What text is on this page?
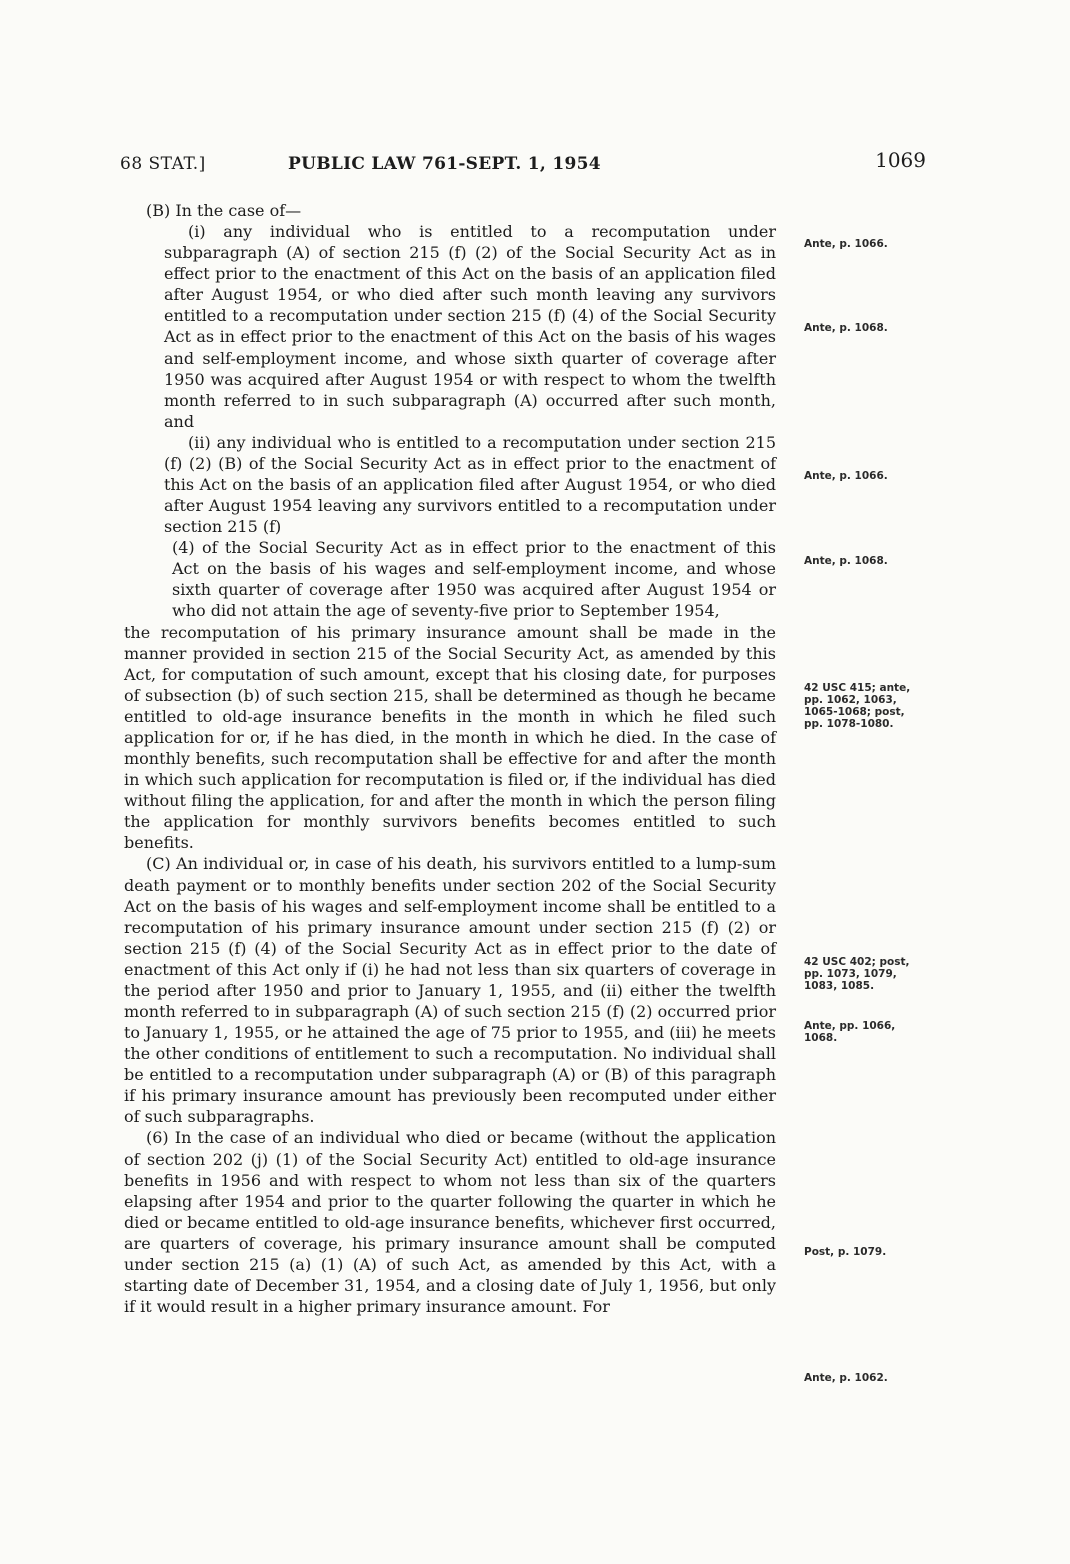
68 STAT.]	PUBLIC LAW 761-SEPT. 1, 1954	1069

(B) In the case of—

(i) any individual who is entitled to a recomputation under subparagraph (A) of section 215 (f) (2) of the Social Security Act as in effect prior to the enactment of this Act on the basis of an application filed after August 1954, or who died after such month leaving any survivors entitled to a recomputation under section 215 (f) (4) of the Social Security Act as in effect prior to the enactment of this Act on the basis of his wages and self-employment income, and whose sixth quarter of coverage after 1950 was acquired after August 1954 or with respect to whom the twelfth month referred to in such subparagraph (A) occurred after such month, and

(ii) any individual who is entitled to a recomputation under section 215 (f) (2) (B) of the Social Security Act as in effect prior to the enactment of this Act on the basis of an application filed after August 1954, or who died after August 1954 leaving any survivors entitled to a recomputation under section 215 (f)

(4) of the Social Security Act as in effect prior to the enactment of this Act on the basis of his wages and self-employment income, and whose sixth quarter of coverage after 1950 was acquired after August 1954 or who did not attain the age of seventy-five prior to September 1954,

the recomputation of his primary insurance amount shall be made in the manner provided in section 215 of the Social Security Act, as amended by this Act, for computation of such amount, except that his closing date, for purposes of subsection (b) of such section 215, shall be determined as though he became entitled to old-age insurance benefits in the month in which he filed such application for or, if he has died, in the month in which he died. In the case of monthly benefits, such recomputation shall be effective for and after the month in which such application for recomputation is filed or, if the individual has died without filing the application, for and after the month in which the person filing the application for monthly survivors benefits becomes entitled to such benefits.

(C) An individual or, in case of his death, his survivors entitled to a lump-sum death payment or to monthly benefits under section 202 of the Social Security Act on the basis of his wages and self-employment income shall be entitled to a recomputation of his primary insurance amount under section 215 (f) (2) or section 215 (f) (4) of the Social Security Act as in effect prior to the date of enactment of this Act only if (i) he had not less than six quarters of coverage in the period after 1950 and prior to January 1, 1955, and (ii) either the twelfth month referred to in subparagraph (A) of such section 215 (f) (2) occurred prior to January 1, 1955, or he attained the age of 75 prior to 1955, and (iii) he meets the other conditions of entitlement to such a recomputation. No individual shall be entitled to a recomputation under subparagraph (A) or (B) of this paragraph if his primary insurance amount has previously been recomputed under either of such subparagraphs.

(6) In the case of an individual who died or became (without the application of section 202 (j) (1) of the Social Security Act) entitled to old-age insurance benefits in 1956 and with respect to whom not less than six of the quarters elapsing after 1954 and prior to the quarter following the quarter in which he died or became entitled to old-age insurance benefits, whichever first occurred, are quarters of coverage, his primary insurance amount shall be computed under section 215 (a) (1) (A) of such Act, as amended by this Act, with a starting date of December 31, 1954, and a closing date of July 1, 1956, but only if it would result in a higher primary insurance amount. For

Ante, p. 1066.
Ante, p. 1068.
Ante, p. 1066.
Ante, p. 1068.
42 USC 415; ante, pp. 1062, 1063, 1065-1068; post, pp. 1078-1080.
42 USC 402; post, pp. 1073, 1079, 1083, 1085.
Ante, pp. 1066, 1068.
Post, p. 1079.
Ante, p. 1062.
